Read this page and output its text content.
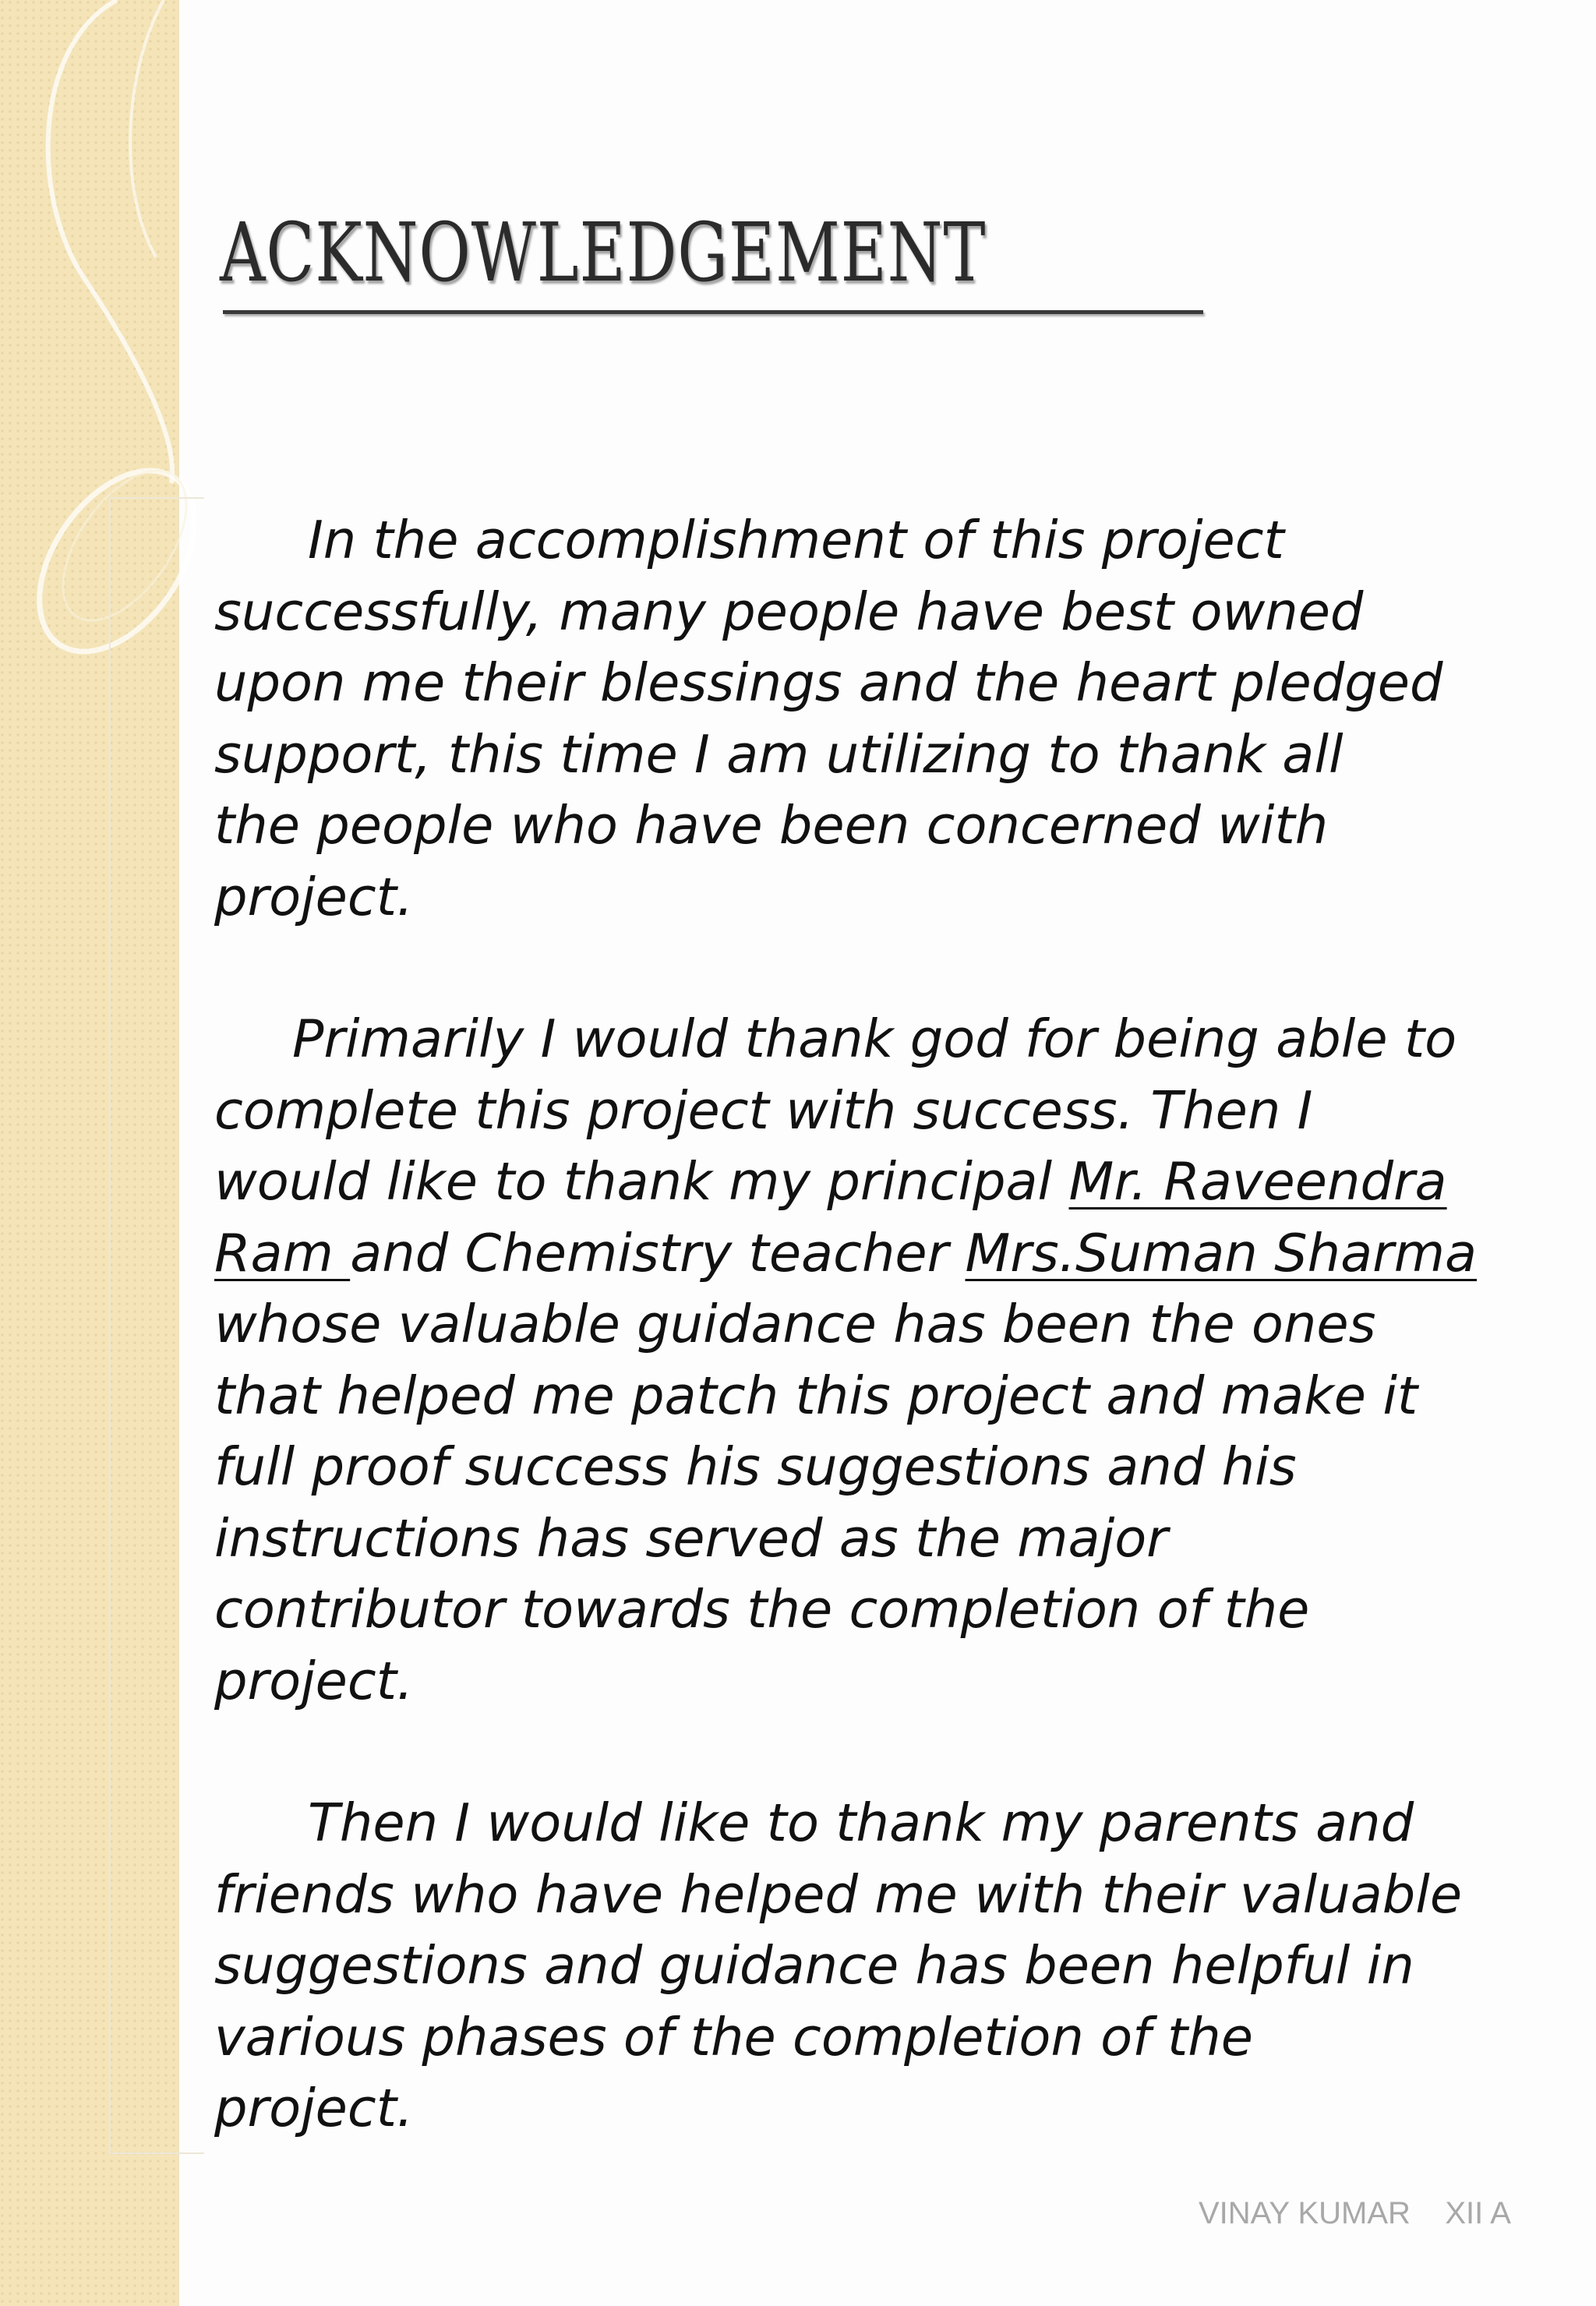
ACKNOWLEDGEMENT

In the accomplishment of this project
successfully, many people have best owned
upon me their blessings and the heart pledged
support, this time I am utilizing to thank all
the people who have been concerned with
project.

Primarily I would thank god for being able to
complete this project with success. Then I
would like to thank my principal Mr. Raveendra
Ram and Chemistry teacher Mrs.Suman Sharma
whose valuable guidance has been the ones
that helped me patch this project and make it
full proof success his suggestions and his
instructions has served as the major
contributor towards the completion of the
project.

Then I would like to thank my parents and
friends who have helped me with their valuable
suggestions and guidance has been helpful in
various phases of the completion of the
project.

VINAY KUMAR XII A
